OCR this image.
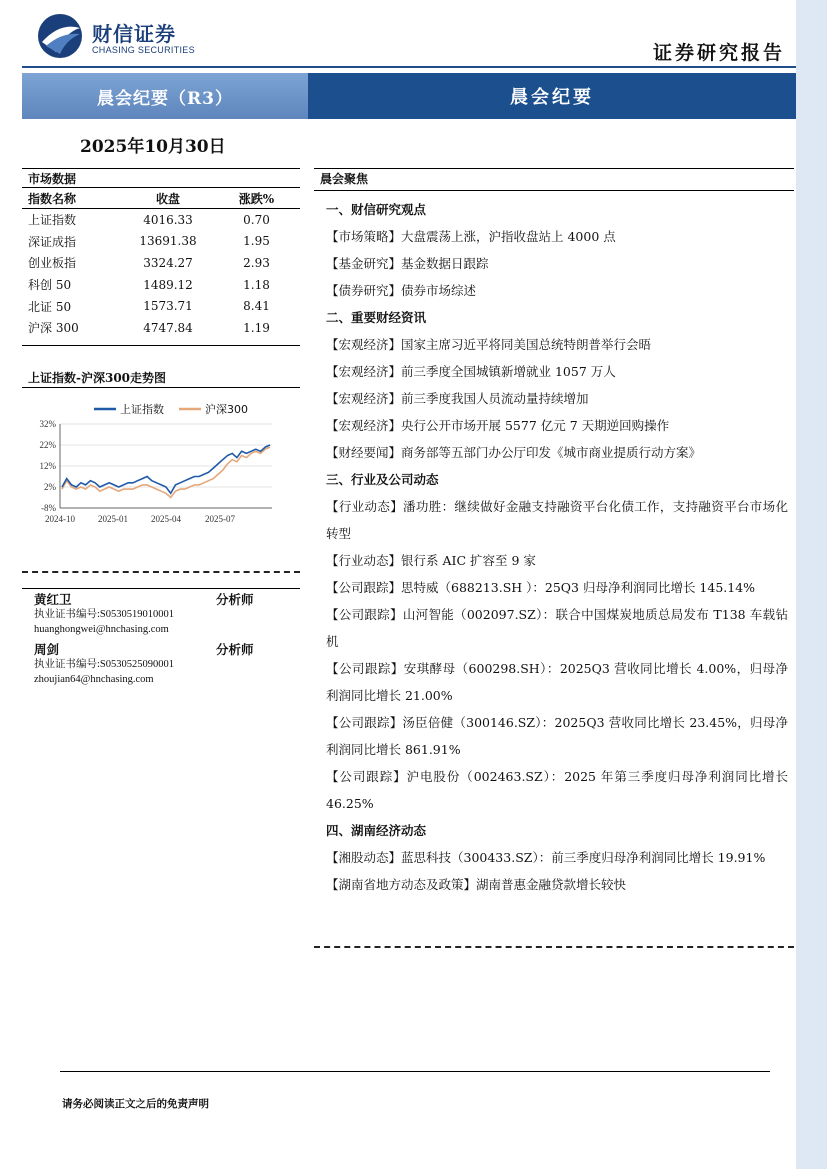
财信证券
CHASING SECURITIES	证券研究报告
晨会纪要（R3）	晨会纪要
2025年10月30日
市场数据
指数名称	收盘	涨跌%
上证指数	4016.33	0.70
深证成指	13691.38	1.95
创业板指	3324.27	2.93
科创 50	1489.12	1.18
北证 50	1573.71	8.41
沪深 300	4747.84	1.19
上证指数-沪深300走势图
32%
22%
12%
2%
-8%
2024-10	2025-01	2025-04	2025-07
上证指数	沪深300
黄红卫	分析师
执业证书编号:S0530519010001
huanghongwei@hnchasing.com
周剑	分析师
执业证书编号:S0530525090001
zhoujian64@hnchasing.com
晨会聚焦
一、财信研究观点
【市场策略】大盘震荡上涨，沪指收盘站上 4000 点
【基金研究】基金数据日跟踪
【债券研究】债券市场综述
二、重要财经资讯
【宏观经济】国家主席习近平将同美国总统特朗普举行会晤
【宏观经济】前三季度全国城镇新增就业 1057 万人
【宏观经济】前三季度我国人员流动量持续增加
【宏观经济】央行公开市场开展 5577 亿元 7 天期逆回购操作
【财经要闻】商务部等五部门办公厅印发《城市商业提质行动方案》
三、行业及公司动态
【行业动态】潘功胜：继续做好金融支持融资平台化债工作，支持融资平台市场化转型
【行业动态】银行系 AIC 扩容至 9 家
【公司跟踪】思特威（688213.SH ）：25Q3 归母净利润同比增长 145.14%
【公司跟踪】山河智能（002097.SZ）：联合中国煤炭地质总局发布 T138 车载钻机
【公司跟踪】安琪酵母（600298.SH）：2025Q3 营收同比增长 4.00%，归母净利润同比增长 21.00%
【公司跟踪】汤臣倍健（300146.SZ）：2025Q3 营收同比增长 23.45%，归母净利润同比增长 861.91%
【公司跟踪】沪电股份（002463.SZ）：2025 年第三季度归母净利润同比增长 46.25%
四、湖南经济动态
【湘股动态】蓝思科技（300433.SZ）：前三季度归母净利润同比增长 19.91%
【湖南省地方动态及政策】湖南普惠金融贷款增长较快
请务必阅读正文之后的免责声明
